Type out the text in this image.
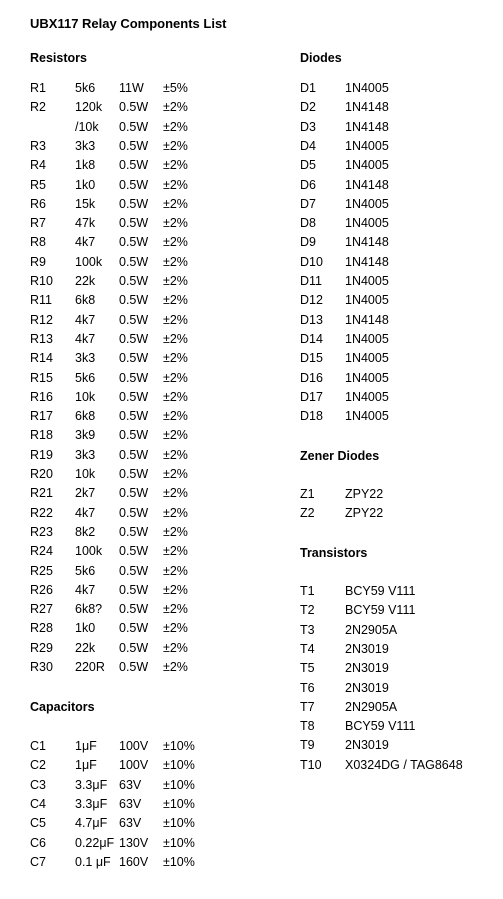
UBX117 Relay Components List
Resistors
R1 5k6 11W ±5%
R2 120k 0.5W ±2%
/10k 0.5W ±2%
R3 3k3 0.5W ±2%
R4 1k8 0.5W ±2%
R5 1k0 0.5W ±2%
R6 15k 0.5W ±2%
R7 47k 0.5W ±2%
R8 4k7 0.5W ±2%
R9 100k 0.5W ±2%
R10 22k 0.5W ±2%
R11 6k8 0.5W ±2%
R12 4k7 0.5W ±2%
R13 4k7 0.5W ±2%
R14 3k3 0.5W ±2%
R15 5k6 0.5W ±2%
R16 10k 0.5W ±2%
R17 6k8 0.5W ±2%
R18 3k9 0.5W ±2%
R19 3k3 0.5W ±2%
R20 10k 0.5W ±2%
R21 2k7 0.5W ±2%
R22 4k7 0.5W ±2%
R23 8k2 0.5W ±2%
R24 100k 0.5W ±2%
R25 5k6 0.5W ±2%
R26 4k7 0.5W ±2%
R27 6k8? 0.5W ±2%
R28 1k0 0.5W ±2%
R29 22k 0.5W ±2%
R30 220R 0.5W ±2%
Capacitors
C1 1μF 100V ±10%
C2 1μF 100V ±10%
C3 3.3μF 63V ±10%
C4 3.3μF 63V ±10%
C5 4.7μF 63V ±10%
C6 0.22μF 130V ±10%
C7 0.1 μF 160V ±10%
Diodes
D1 1N4005
D2 1N4148
D3 1N4148
D4 1N4005
D5 1N4005
D6 1N4148
D7 1N4005
D8 1N4005
D9 1N4148
D10 1N4148
D11 1N4005
D12 1N4005
D13 1N4148
D14 1N4005
D15 1N4005
D16 1N4005
D17 1N4005
D18 1N4005
Zener Diodes
Z1 ZPY22
Z2 ZPY22
Transistors
T1 BCY59 V111
T2 BCY59 V111
T3 2N2905A
T4 2N3019
T5 2N3019
T6 2N3019
T7 2N2905A
T8 BCY59 V111
T9 2N3019
T10 X0324DG / TAG8648
